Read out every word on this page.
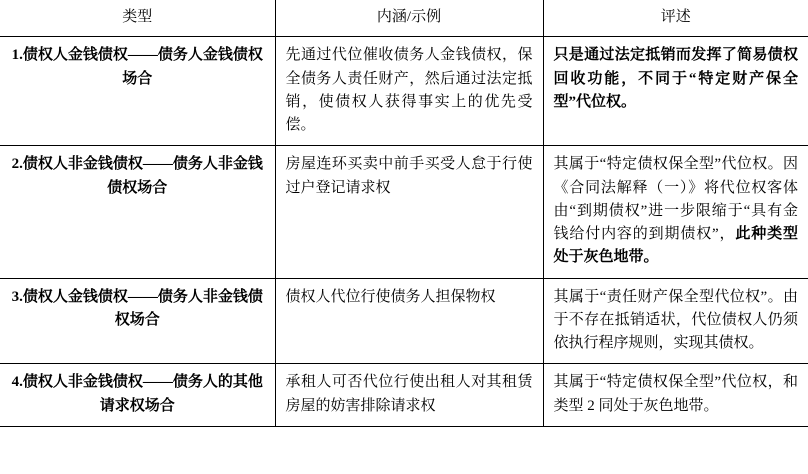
类型	内涵/示例	评述
1.债权人金钱债权——债务人金钱债权场合	先通过代位催收债务人金钱债权，保全债务人责任财产，然后通过法定抵销，使债权人获得事实上的优先受偿。	只是通过法定抵销而发挥了简易债权回收功能，不同于“特定财产保全型”代位权。
2.债权人非金钱债权——债务人非金钱债权场合	房屋连环买卖中前手买受人怠于行使过户登记请求权	其属于“特定债权保全型”代位权。因《合同法解释（一）》将代位权客体由“到期债权”进一步限缩于“具有金钱给付内容的到期债权”，此种类型处于灰色地带。
3.债权人金钱债权——债务人非金钱债权场合	债权人代位行使债务人担保物权	其属于“责任财产保全型代位权”。由于不存在抵销适状，代位债权人仍须依执行程序规则，实现其债权。
4.债权人非金钱债权——债务人的其他请求权场合	承租人可否代位行使出租人对其租赁房屋的妨害排除请求权	其属于“特定债权保全型”代位权，和类型 2 同处于灰色地带。
